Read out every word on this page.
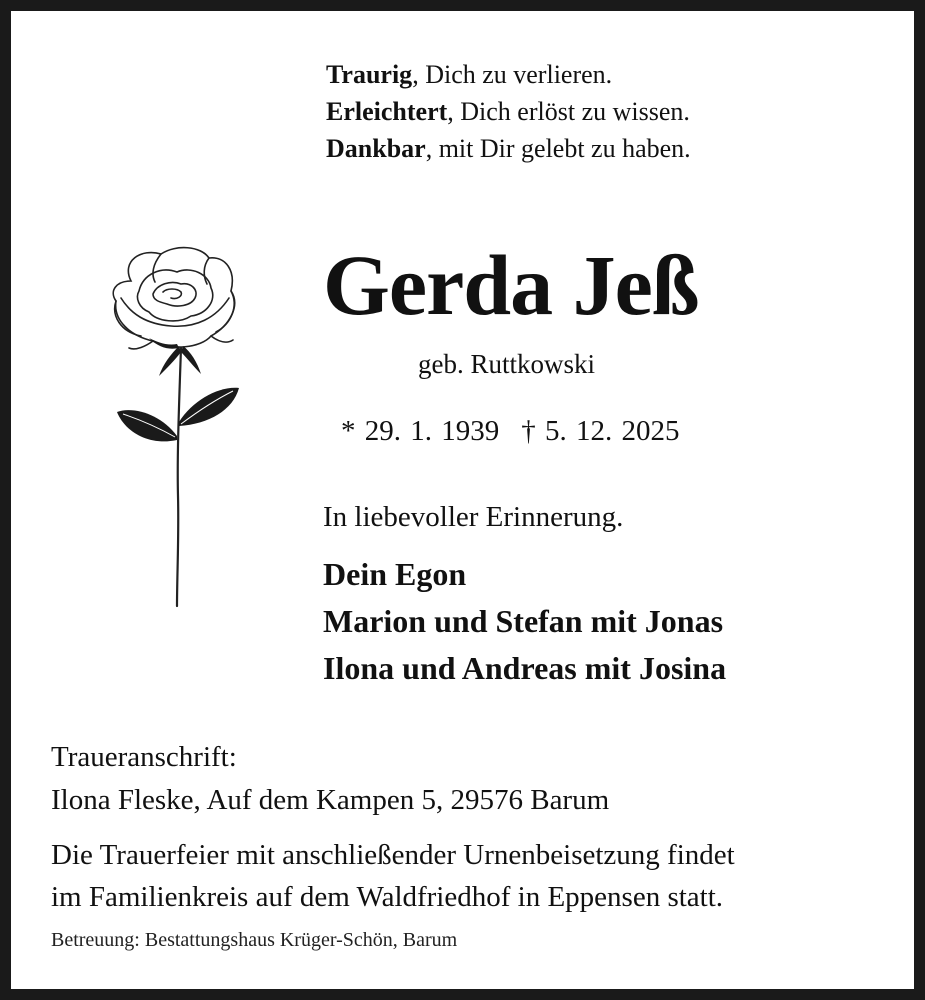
Traurig, Dich zu verlieren.
Erleichtert, Dich erlöst zu wissen.
Dankbar, mit Dir gelebt zu haben.
Gerda Jeß
geb. Ruttkowski
* 29. 1. 1939 † 5. 12. 2025
In liebevoller Erinnerung.
Dein Egon
Marion und Stefan mit Jonas
Ilona und Andreas mit Josina
Traueranschrift:
Ilona Fleske, Auf dem Kampen 5, 29576 Barum
Die Trauerfeier mit anschließender Urnenbeisetzung findet
im Familienkreis auf dem Waldfriedhof in Eppensen statt.
Betreuung: Bestattungshaus Krüger-Schön, Barum
